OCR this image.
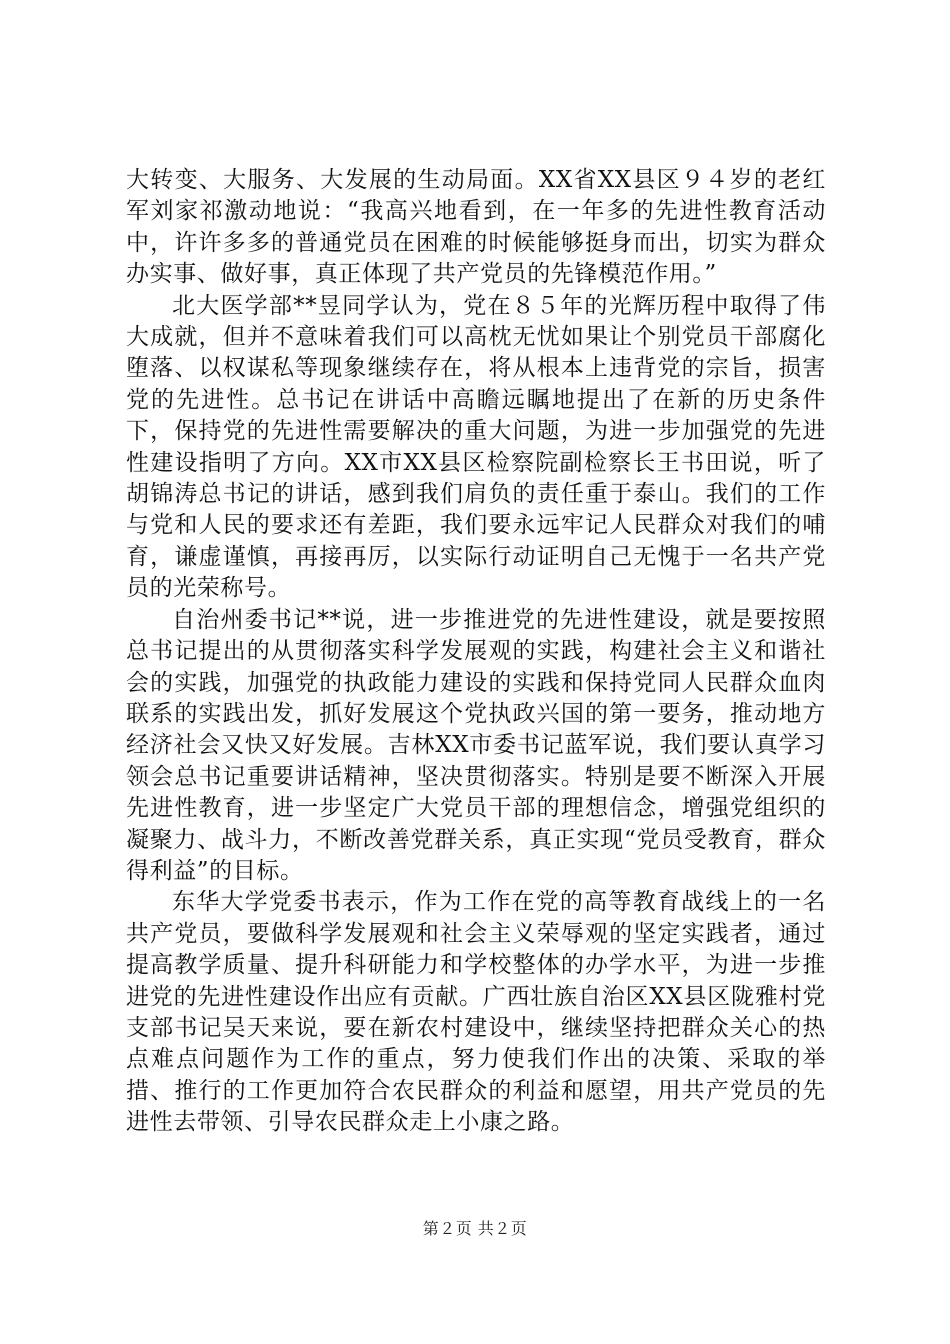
大转变、大服务、大发展的生动局面。XX省XX县区９４岁的老红军刘家祁激动地说：“我高兴地看到，在一年多的先进性教育活动中，许许多多的普通党员在困难的时候能够挺身而出，切实为群众办实事、做好事，真正体现了共产党员的先锋模范作用。”

北大医学部**昱同学认为，党在８５年的光辉历程中取得了伟大成就，但并不意味着我们可以高枕无忧如果让个别党员干部腐化堕落、以权谋私等现象继续存在，将从根本上违背党的宗旨，损害党的先进性。总书记在讲话中高瞻远瞩地提出了在新的历史条件下，保持党的先进性需要解决的重大问题，为进一步加强党的先进性建设指明了方向。XX市XX县区检察院副检察长王书田说，听了胡锦涛总书记的讲话，感到我们肩负的责任重于泰山。我们的工作与党和人民的要求还有差距，我们要永远牢记人民群众对我们的哺育，谦虚谨慎，再接再厉，以实际行动证明自己无愧于一名共产党员的光荣称号。

自治州委书记**说，进一步推进党的先进性建设，就是要按照总书记提出的从贯彻落实科学发展观的实践，构建社会主义和谐社会的实践，加强党的执政能力建设的实践和保持党同人民群众血肉联系的实践出发，抓好发展这个党执政兴国的第一要务，推动地方经济社会又快又好发展。吉林XX市委书记蓝军说，我们要认真学习领会总书记重要讲话精神，坚决贯彻落实。特别是要不断深入开展先进性教育，进一步坚定广大党员干部的理想信念，增强党组织的凝聚力、战斗力，不断改善党群关系，真正实现“党员受教育，群众得利益”的目标。

东华大学党委书表示，作为工作在党的高等教育战线上的一名共产党员，要做科学发展观和社会主义荣辱观的坚定实践者，通过提高教学质量、提升科研能力和学校整体的办学水平，为进一步推进党的先进性建设作出应有贡献。广西壮族自治区XX县区陇雅村党支部书记吴天来说，要在新农村建设中，继续坚持把群众关心的热点难点问题作为工作的重点，努力使我们作出的决策、采取的举措、推行的工作更加符合农民群众的利益和愿望，用共产党员的先进性去带领、引导农民群众走上小康之路。

第２页 共２页
